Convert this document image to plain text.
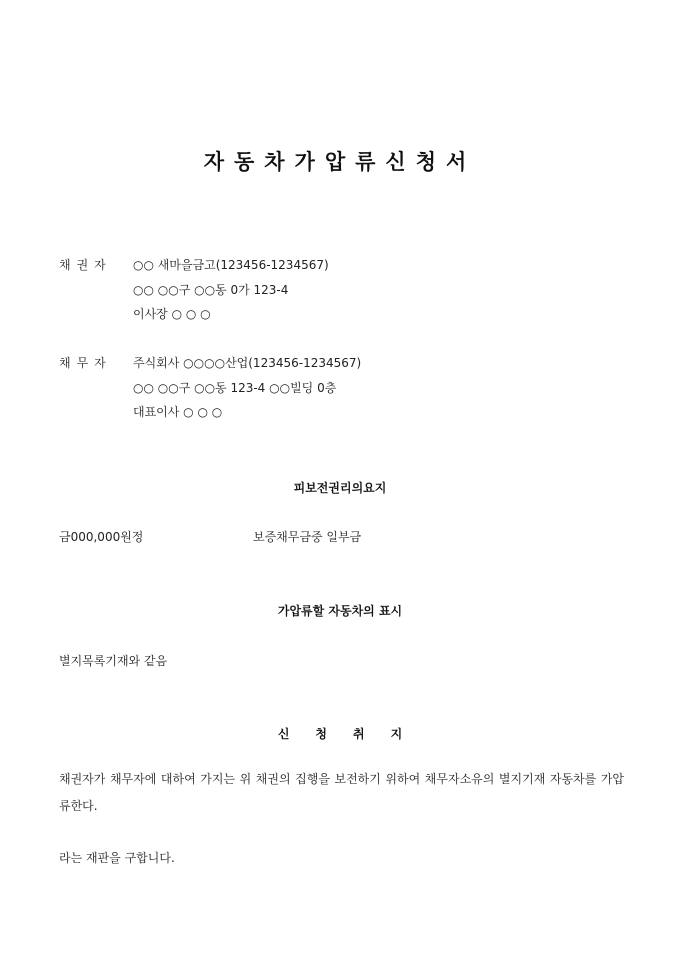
자동차가압류신청서
채권자 ○○ 새마을금고(123456-1234567)
○○ ○○구 ○○동 0가 123-4
이사장 ○ ○ ○
채무자 주식회사 ○○○○산업(123456-1234567)
○○ ○○구 ○○동 123-4 ○○빌딩 0층
대표이사 ○ ○ ○
피보전권리의요지
금000,000원정	보증채무금중 일부금
가압류할 자동차의 표시
별지목록기재와 같음
신청취지
채권자가 채무자에 대하여 가지는 위 채권의 집행을 보전하기 위하여 채무자소유의 별지기재 자동차를 가압류한다.
라는 재판을 구합니다.
